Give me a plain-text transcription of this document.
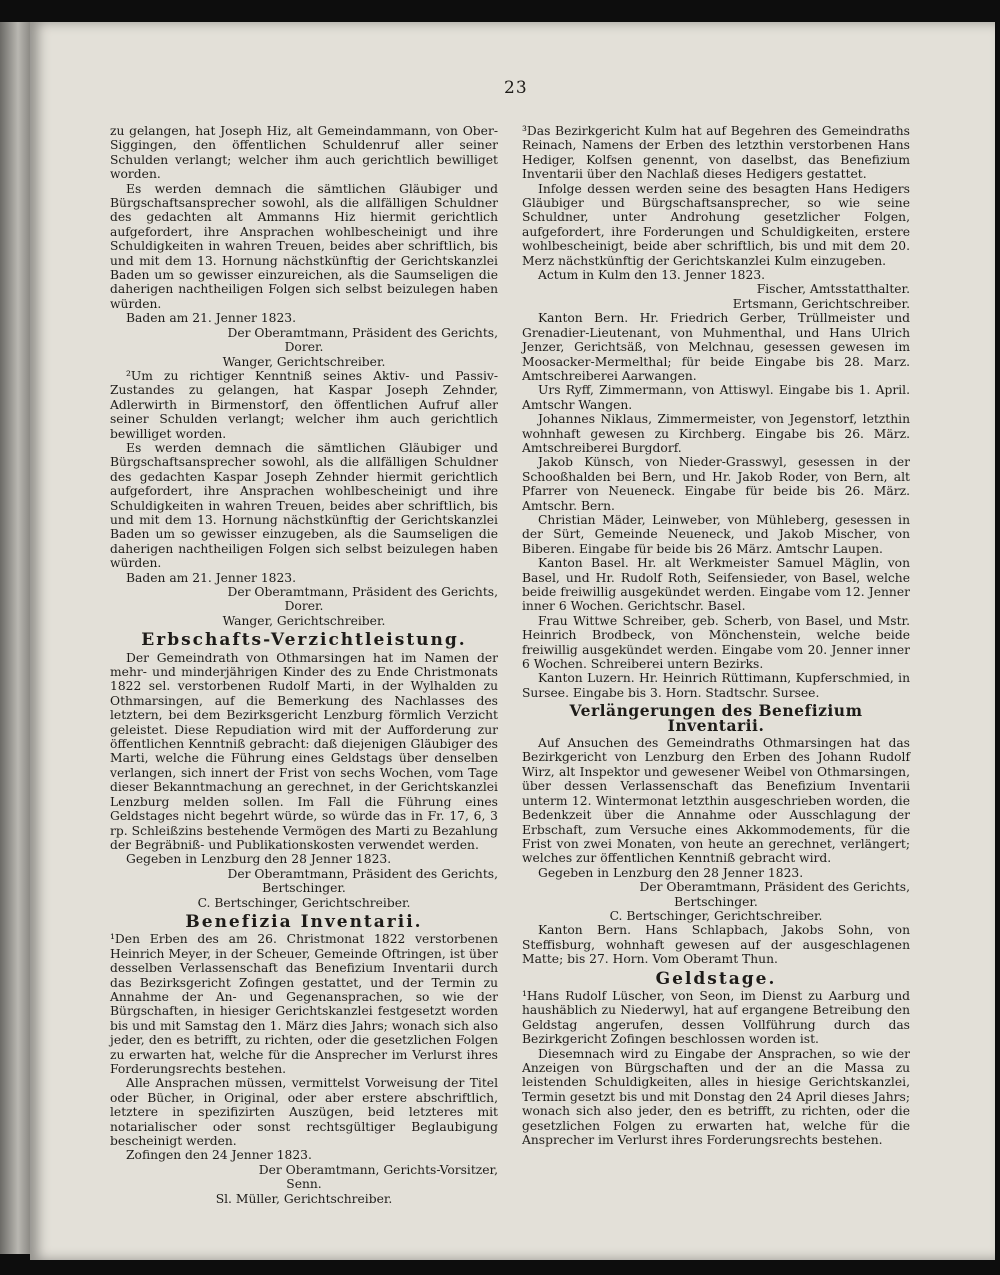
23

zu gelangen, hat Joseph Hiz, alt Gemeindammann, von Ober-Siggingen, den öffentlichen Schuldenruf aller seiner Schulden verlangt; welcher ihm auch gerichtlich bewilliget worden.

Es werden demnach die sämtlichen Gläubiger und Bürgschaftsansprecher sowohl, als die allfälligen Schuldner des gedachten alt Ammanns Hiz hiermit gerichtlich aufgefordert, ihre Ansprachen wohlbescheinigt und ihre Schuldigkeiten in wahren Treuen, beides aber schriftlich, bis und mit dem 13. Hornung nächstkünftig der Gerichtskanzlei Baden um so gewisser einzureichen, als die Saumseligen die daherigen nachtheiligen Folgen sich selbst beizulegen haben würden.

Baden am 21. Jenner 1823.

Der Oberamtmann, Präsident des Gerichts,

Dorer.

Wanger, Gerichtschreiber.

²Um zu richtiger Kenntniß seines Aktiv- und Passiv-Zustandes zu gelangen, hat Kaspar Joseph Zehnder, Adlerwirth in Birmenstorf, den öffentlichen Aufruf aller seiner Schulden verlangt; welcher ihm auch gerichtlich bewilliget worden.

Es werden demnach die sämtlichen Gläubiger und Bürgschaftsansprecher sowohl, als die allfälligen Schuldner des gedachten Kaspar Joseph Zehnder hiermit gerichtlich aufgefordert, ihre Ansprachen wohlbescheinigt und ihre Schuldigkeiten in wahren Treuen, beides aber schriftlich, bis und mit dem 13. Hornung nächstkünftig der Gerichtskanzlei Baden um so gewisser einzugeben, als die Saumseligen die daherigen nachtheiligen Folgen sich selbst beizulegen haben würden.

Baden am 21. Jenner 1823.

Der Oberamtmann, Präsident des Gerichts,

Dorer.

Wanger, Gerichtschreiber.

Erbschafts-Verzichtleistung.

Der Gemeindrath von Othmarsingen hat im Namen der mehr- und minderjährigen Kinder des zu Ende Christmonats 1822 sel. verstorbenen Rudolf Marti, in der Wylhalden zu Othmarsingen, auf die Bemerkung des Nachlasses des letztern, bei dem Bezirksgericht Lenzburg förmlich Verzicht geleistet. Diese Repudiation wird mit der Aufforderung zur öffentlichen Kenntniß gebracht: daß diejenigen Gläubiger des Marti, welche die Führung eines Geldstags über denselben verlangen, sich innert der Frist von sechs Wochen, vom Tage dieser Bekanntmachung an gerechnet, in der Gerichtskanzlei Lenzburg melden sollen. Im Fall die Führung eines Geldstages nicht begehrt würde, so würde das in Fr. 17, 6, 3 rp. Schleißzins bestehende Vermögen des Marti zu Bezahlung der Begräbniß- und Publikationskosten verwendet werden.

Gegeben in Lenzburg den 28 Jenner 1823.

Der Oberamtmann, Präsident des Gerichts,

Bertschinger.

C. Bertschinger, Gerichtschreiber.

Benefizia Inventarii.

¹Den Erben des am 26. Christmonat 1822 verstorbenen Heinrich Meyer, in der Scheuer, Gemeinde Oftringen, ist über desselben Verlassenschaft das Benefizium Inventarii durch das Bezirksgericht Zofingen gestattet, und der Termin zu Annahme der An- und Gegenansprachen, so wie der Bürgschaften, in hiesiger Gerichtskanzlei festgesetzt worden bis und mit Samstag den 1. März dies Jahrs; wonach sich also jeder, den es betrifft, zu richten, oder die gesetzlichen Folgen zu erwarten hat, welche für die Ansprecher im Verlurst ihres Forderungsrechts bestehen.

Alle Ansprachen müssen, vermittelst Vorweisung der Titel oder Bücher, in Original, oder aber erstere abschriftlich, letztere in spezifizirten Auszügen, beid letzteres mit notarialischer oder sonst rechtsgültiger Beglaubigung bescheinigt werden.

Zofingen den 24 Jenner 1823.

Der Oberamtmann, Gerichts-Vorsitzer,

Senn.

Sl. Müller, Gerichtschreiber.

³Das Bezirkgericht Kulm hat auf Begehren des Gemeindraths Reinach, Namens der Erben des letzthin verstorbenen Hans Hediger, Kolfsen genennt, von daselbst, das Benefizium Inventarii über den Nachlaß dieses Hedigers gestattet.

Infolge dessen werden seine des besagten Hans Hedigers Gläubiger und Bürgschaftsansprecher, so wie seine Schuldner, unter Androhung gesetzlicher Folgen, aufgefordert, ihre Forderungen und Schuldigkeiten, erstere wohlbescheinigt, beide aber schriftlich, bis und mit dem 20. Merz nächstkünftig der Gerichtskanzlei Kulm einzugeben.

Actum in Kulm den 13. Jenner 1823.

Fischer, Amtsstatthalter.

Ertsmann, Gerichtschreiber.

Kanton Bern. Hr. Friedrich Gerber, Trüllmeister und Grenadier-Lieutenant, von Muhmenthal, und Hans Ulrich Jenzer, Gerichtsäß, von Melchnau, gesessen gewesen im Moosacker-Mermelthal; für beide Eingabe bis 28. Marz. Amtschreiberei Aarwangen.

Urs Ryff, Zimmermann, von Attiswyl. Eingabe bis 1. April. Amtschr Wangen.

Johannes Niklaus, Zimmermeister, von Jegenstorf, letzthin wohnhaft gewesen zu Kirchberg. Eingabe bis 26. März. Amtschreiberei Burgdorf.

Jakob Künsch, von Nieder-Grasswyl, gesessen in der Schooßhalden bei Bern, und Hr. Jakob Roder, von Bern, alt Pfarrer von Neueneck. Eingabe für beide bis 26. März. Amtschr. Bern.

Christian Mäder, Leinweber, von Mühleberg, gesessen in der Sürt, Gemeinde Neueneck, und Jakob Mischer, von Biberen. Eingabe für beide bis 26 März. Amtschr Laupen.

Kanton Basel. Hr. alt Werkmeister Samuel Mäglin, von Basel, und Hr. Rudolf Roth, Seifensieder, von Basel, welche beide freiwillig ausgekündet werden. Eingabe vom 12. Jenner inner 6 Wochen. Gerichtschr. Basel.

Frau Wittwe Schreiber, geb. Scherb, von Basel, und Mstr. Heinrich Brodbeck, von Mönchenstein, welche beide freiwillig ausgekündet werden. Eingabe vom 20. Jenner inner 6 Wochen. Schreiberei untern Bezirks.

Kanton Luzern. Hr. Heinrich Rüttimann, Kupferschmied, in Sursee. Eingabe bis 3. Horn. Stadtschr. Sursee.

Verlängerungen des Benefizium Inventarii.

Auf Ansuchen des Gemeindraths Othmarsingen hat das Bezirkgericht von Lenzburg den Erben des Johann Rudolf Wirz, alt Inspektor und gewesener Weibel von Othmarsingen, über dessen Verlassenschaft das Benefizium Inventarii unterm 12. Wintermonat letzthin ausgeschrieben worden, die Bedenkzeit über die Annahme oder Ausschlagung der Erbschaft, zum Versuche eines Akkommodements, für die Frist von zwei Monaten, von heute an gerechnet, verlängert; welches zur öffentlichen Kenntniß gebracht wird.

Gegeben in Lenzburg den 28 Jenner 1823.

Der Oberamtmann, Präsident des Gerichts,

Bertschinger.

C. Bertschinger, Gerichtschreiber.

Kanton Bern. Hans Schlapbach, Jakobs Sohn, von Steffisburg, wohnhaft gewesen auf der ausgeschlagenen Matte; bis 27. Horn. Vom Oberamt Thun.

Geldstage.

¹Hans Rudolf Lüscher, von Seon, im Dienst zu Aarburg und haushäblich zu Niederwyl, hat auf ergangene Betreibung den Geldstag angerufen, dessen Vollführung durch das Bezirkgericht Zofingen beschlossen worden ist.

Diesemnach wird zu Eingabe der Ansprachen, so wie der Anzeigen von Bürgschaften und der an die Massa zu leistenden Schuldigkeiten, alles in hiesige Gerichtskanzlei, Termin gesetzt bis und mit Donstag den 24 April dieses Jahrs; wonach sich also jeder, den es betrifft, zu richten, oder die gesetzlichen Folgen zu erwarten hat, welche für die Ansprecher im Verlurst ihres Forderungsrechts bestehen.
